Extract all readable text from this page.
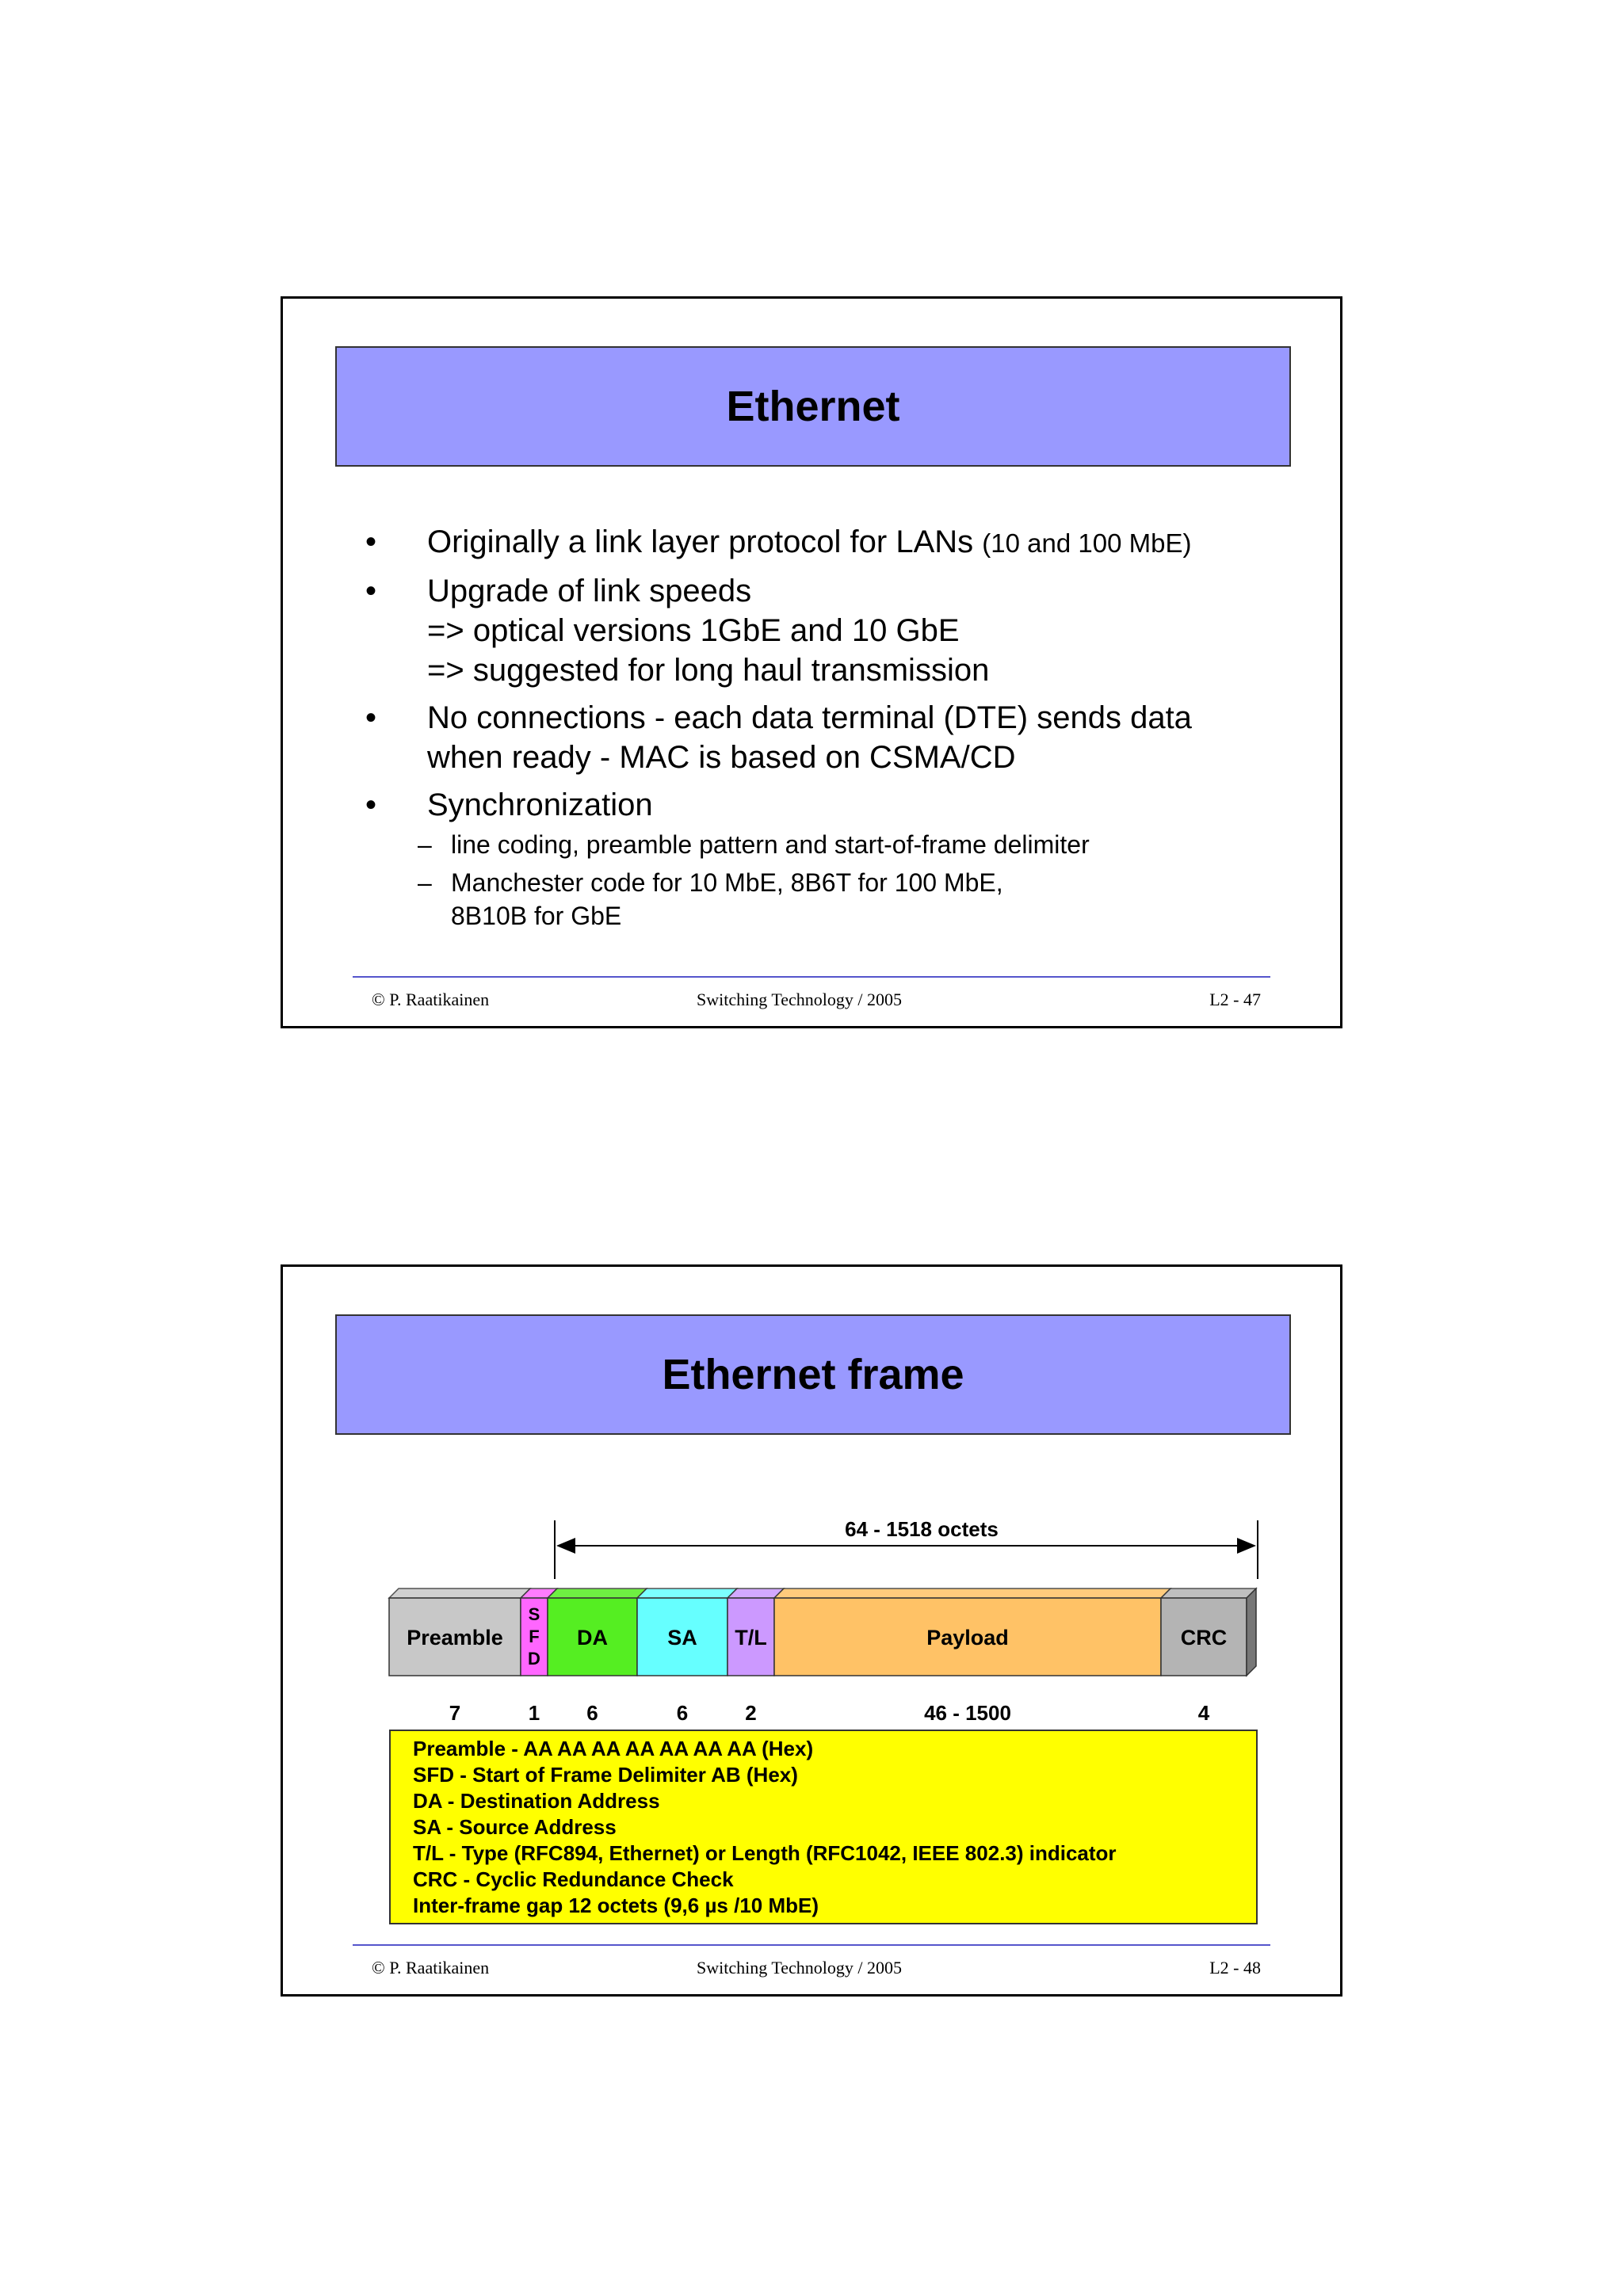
Ethernet
• Originally a link layer protocol for LANs (10 and 100 MbE)
• Upgrade of link speeds
=> optical versions 1GbE and 10 GbE
=> suggested for long haul transmission
• No connections - each data terminal (DTE) sends data
when ready - MAC is based on CSMA/CD
• Synchronization
– line coding, preamble pattern and start-of-frame delimiter
– Manchester code for 10 MbE, 8B6T for 100 MbE,
8B10B for GbE
© P. Raatikainen	Switching Technology / 2005	L2 - 47
Ethernet frame
64 - 1518 octets
Preamble
7
S
F
D
1
DA
6
SA
6
T/L
2
Payload
46 - 1500
CRC
4
Preamble - AA AA AA AA AA AA AA (Hex)
SFD - Start of Frame Delimiter AB (Hex)
DA - Destination Address
SA - Source Address
T/L - Type (RFC894, Ethernet) or Length (RFC1042, IEEE 802.3) indicator
CRC - Cyclic Redundance Check
Inter-frame gap 12 octets (9,6 µs /10 MbE)
© P. Raatikainen	Switching Technology / 2005	L2 - 48
